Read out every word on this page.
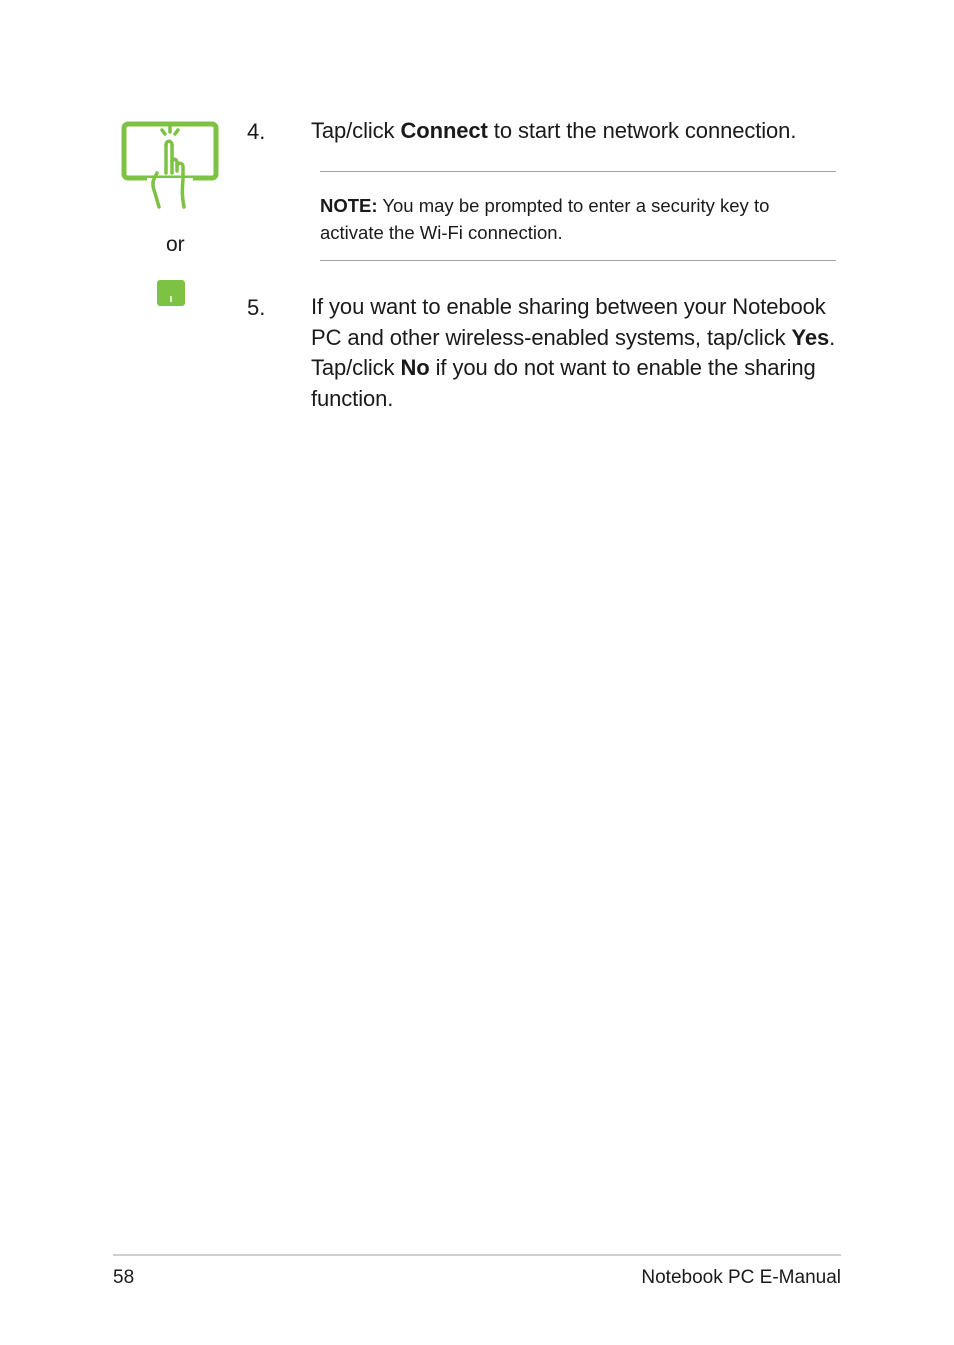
or
4. Tap/click Connect to start the network connection.
NOTE: You may be prompted to enter a security key to activate the Wi-Fi connection.
5. If you want to enable sharing between your Notebook PC and other wireless-enabled systems, tap/click Yes. Tap/click No if you do not want to enable the sharing function.
58	Notebook PC E-Manual
